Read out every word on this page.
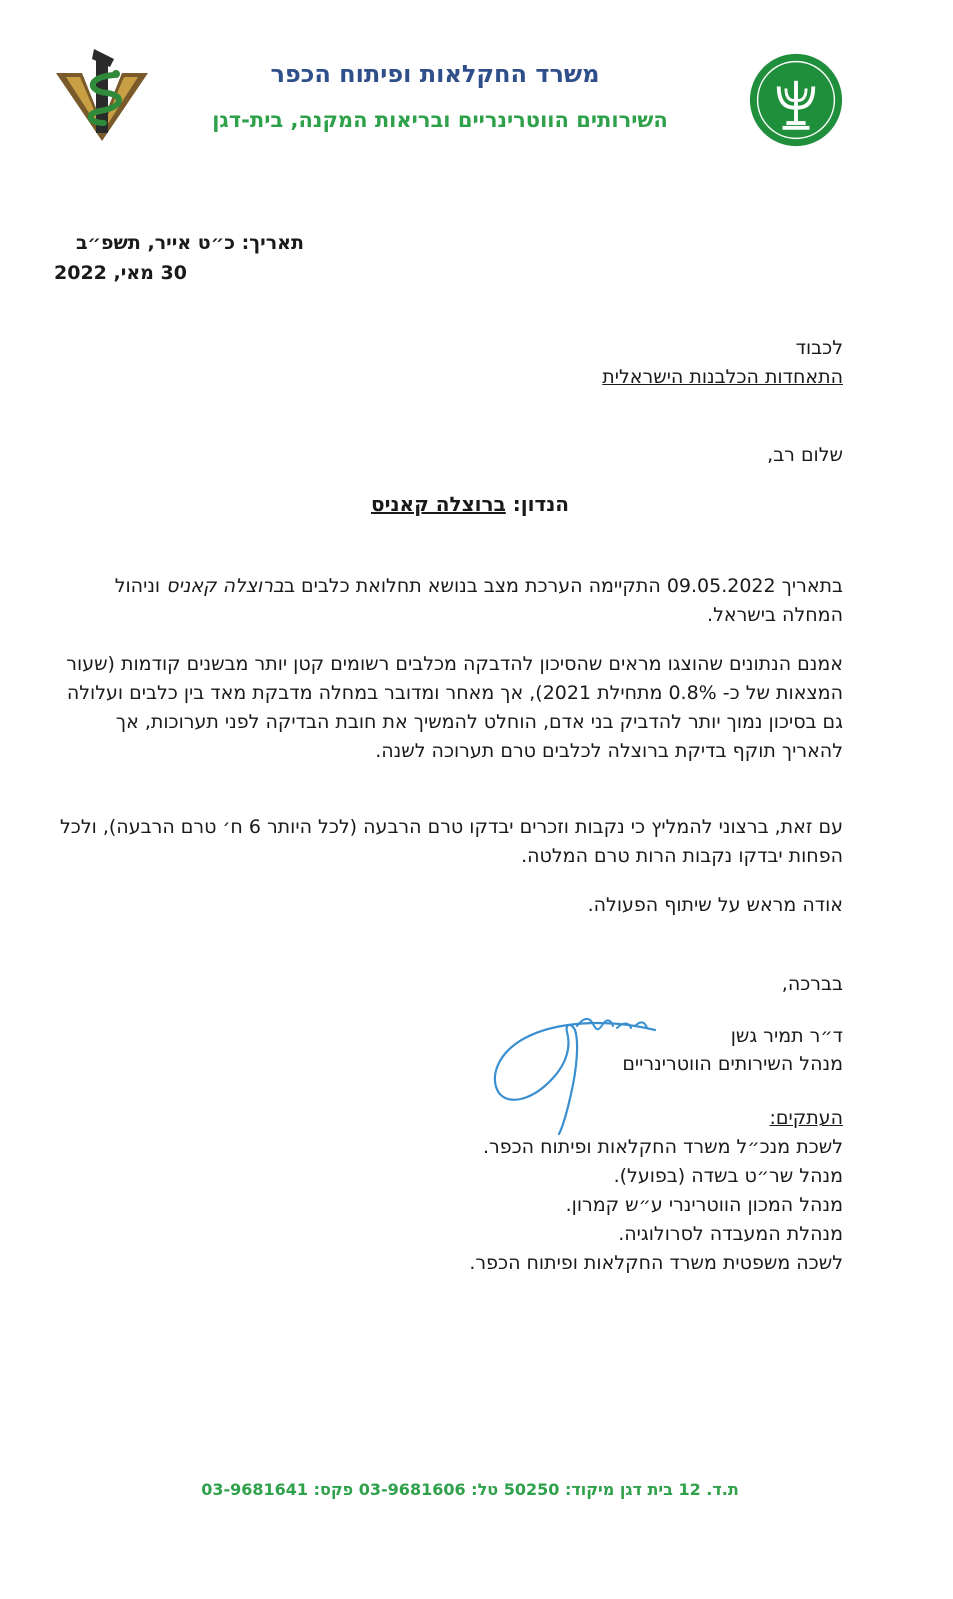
משרד החקלאות ופיתוח הכפר
השירותים הווטרינריים ובריאות המקנה, בית-דגן
תאריך: כ״ט אייר, תשפ״ב
30 מאי, 2022
לכבוד
התאחדות הכלבנות הישראלית
שלום רב,
הנדון: ברוצלה קאניס
בתאריך 09.05.2022 התקיימה הערכת מצב בנושא תחלואת כלבים בברוצלה קאניס וניהול המחלה בישראל.
אמנם הנתונים שהוצגו מראים שהסיכון להדבקה מכלבים רשומים קטן יותר מבשנים קודמות (שעור המצאות של כ- 0.8% מתחילת 2021), אך מאחר ומדובר במחלה מדבקת מאד בין כלבים ועלולה גם בסיכון נמוך יותר להדביק בני אדם, הוחלט להמשיך את חובת הבדיקה לפני תערוכות, אך להאריך תוקף בדיקת ברוצלה לכלבים טרם תערוכה לשנה.
עם זאת, ברצוני להמליץ כי נקבות וזכרים יבדקו טרם הרבעה (לכל היותר 6 ח׳ טרם הרבעה), ולכל הפחות יבדקו נקבות הרות טרם המלטה.
אודה מראש על שיתוף הפעולה.
בברכה,
ד״ר תמיר גשן
מנהל השירותים הווטרינריים
העתקים:
לשכת מנכ״ל משרד החקלאות ופיתוח הכפר.
מנהל שר״ט בשדה (בפועל).
מנהל המכון הווטרינרי ע״ש קמרון.
מנהלת המעבדה לסרולוגיה.
לשכה משפטית משרד החקלאות ופיתוח הכפר.
ת.ד. 12 בית דגן מיקוד: 50250 טל: 03-9681606 פקס: 03-9681641
